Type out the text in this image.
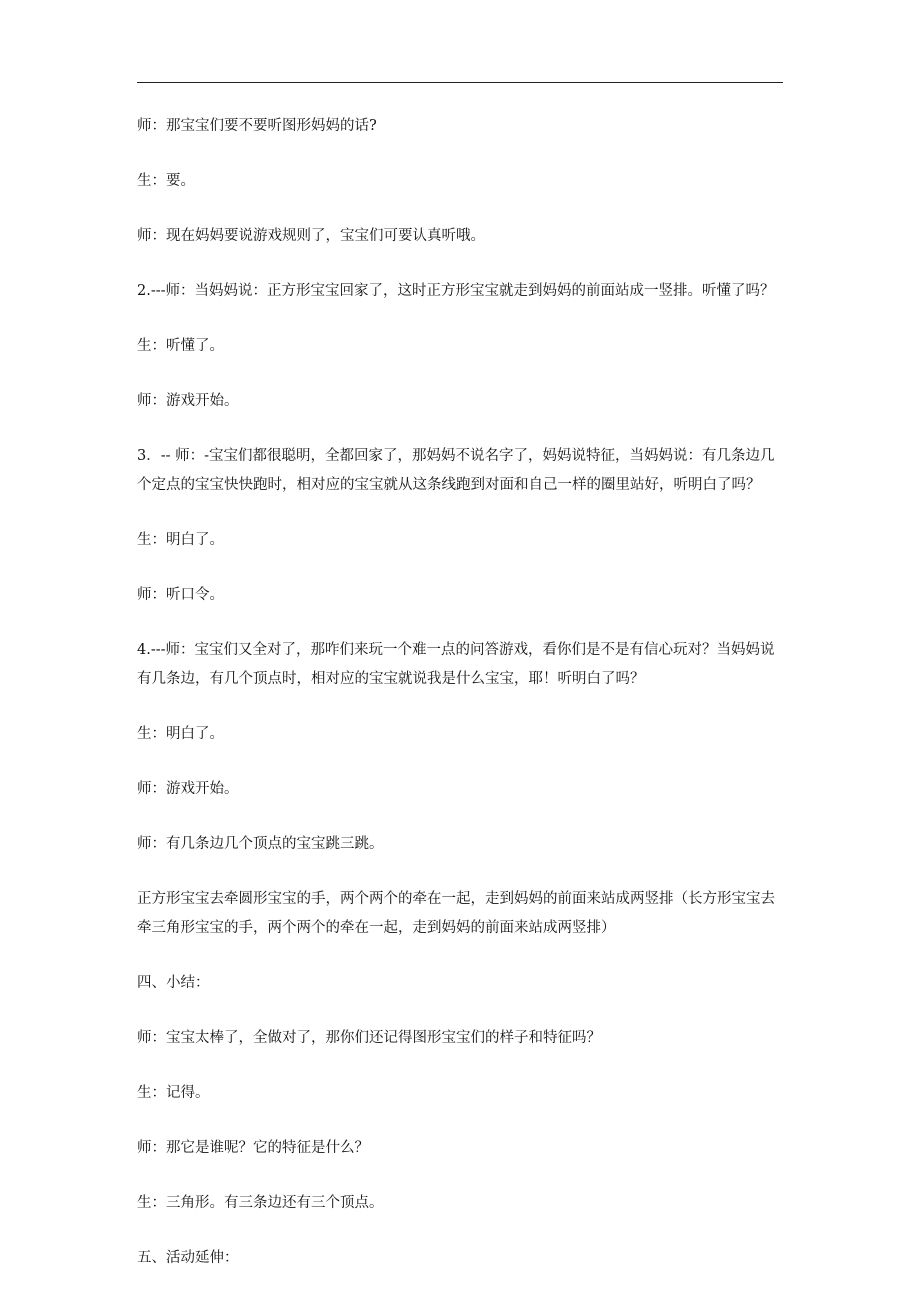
师：那宝宝们要不要听图形妈妈的话?

生：要。

师：现在妈妈要说游戏规则了，宝宝们可要认真听哦。

2.---师：当妈妈说：正方形宝宝回家了，这时正方形宝宝就走到妈妈的前面站成一竖排。听懂了吗？

生：听懂了。

师：游戏开始。

3．-- 师：-宝宝们都很聪明，全都回家了，那妈妈不说名字了，妈妈说特征，当妈妈说：有几条边几个定点的宝宝快快跑时，相对应的宝宝就从这条线跑到对面和自己一样的圈里站好，听明白了吗？

生：明白了。

师：听口令。

4.---师：宝宝们又全对了，那咋们来玩一个难一点的问答游戏，看你们是不是有信心玩对？当妈妈说 有几条边，有几个顶点时，相对应的宝宝就说我是什么宝宝，耶！听明白了吗？

生：明白了。

师：游戏开始。

师：有几条边几个顶点的宝宝跳三跳。

正方形宝宝去牵圆形宝宝的手，两个两个的牵在一起，走到妈妈的前面来站成两竖排（长方形宝宝去牵三角形宝宝的手，两个两个的牵在一起，走到妈妈的前面来站成两竖排）

四、小结：

师：宝宝太棒了，全做对了，那你们还记得图形宝宝们的样子和特征吗？

生：记得。

师：那它是谁呢？它的特征是什么？

生：三角形。有三条边还有三个顶点。

五、活动延伸：
